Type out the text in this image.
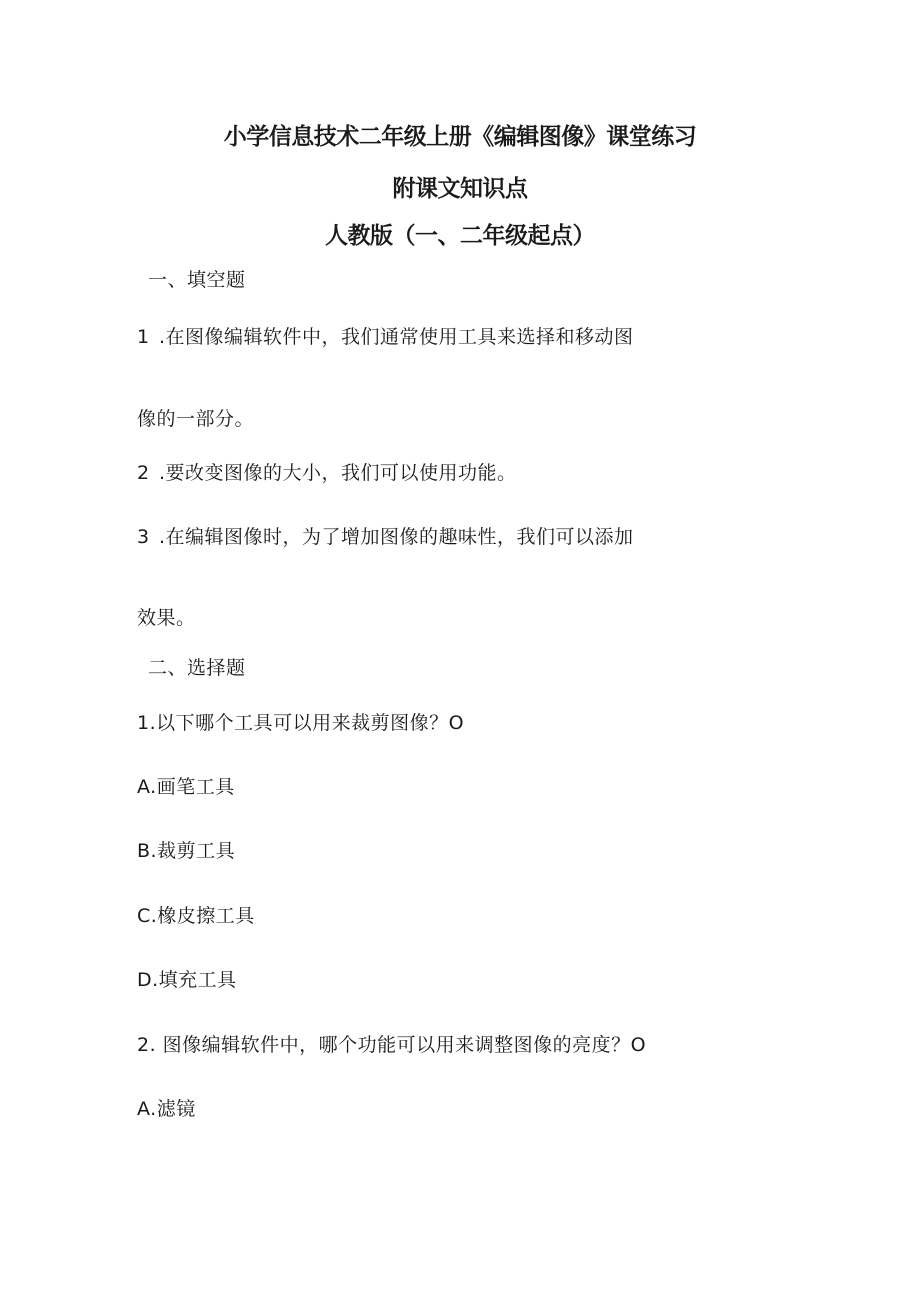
小学信息技术二年级上册《编辑图像》课堂练习
附课文知识点
人教版（一、二年级起点）
一、填空题
1 .在图像编辑软件中，我们通常使用工具来选择和移动图
像的一部分。
2 .要改变图像的大小，我们可以使用功能。
3 .在编辑图像时，为了增加图像的趣味性，我们可以添加
效果。
二、选择题
1.以下哪个工具可以用来裁剪图像？O
A.画笔工具
B.裁剪工具
C.橡皮擦工具
D.填充工具
2. 图像编辑软件中，哪个功能可以用来调整图像的亮度？O
A.滤镜
